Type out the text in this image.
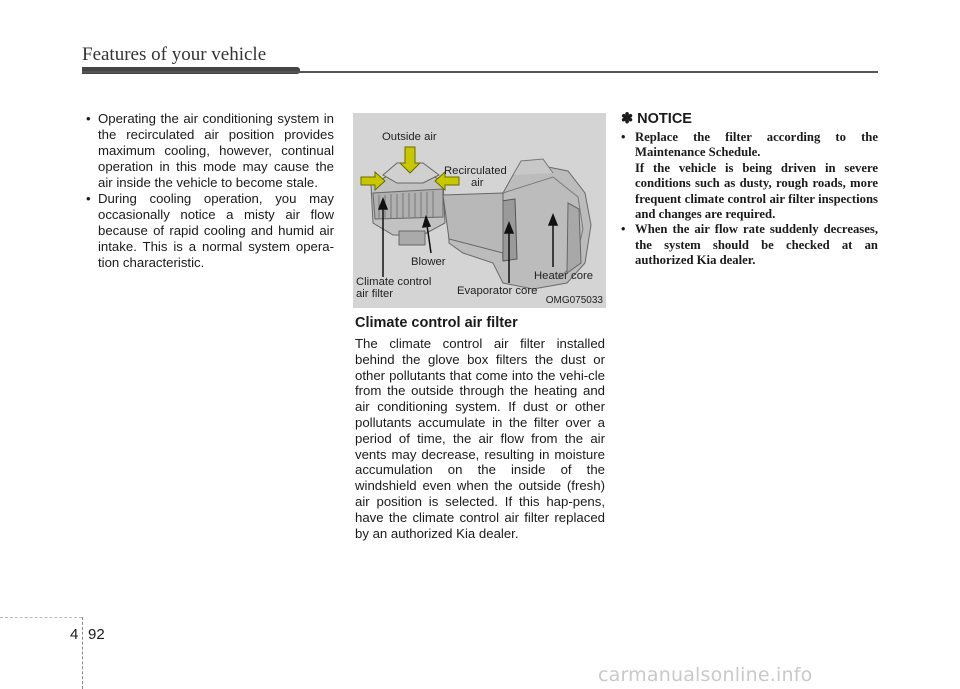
Features of your vehicle
• Operating the air conditioning system in the recirculated air position provides maximum cooling, however, continual operation in this mode may cause the air inside the vehicle to become stale.
• During cooling operation, you may occasionally notice a misty air flow because of rapid cooling and humid air intake. This is a normal system opera-tion characteristic.
Outside air
Recirculated
air
Blower
Heater core
Climate control
air filter	Evaporator core
OMG075033
Climate control air filter
The climate control air filter installed behind the glove box filters the dust or other pollutants that come into the vehi-cle from the outside through the heating and air conditioning system. If dust or other pollutants accumulate in the filter over a period of time, the air flow from the air vents may decrease, resulting in moisture accumulation on the inside of the windshield even when the outside (fresh) air position is selected. If this hap-pens, have the climate control air filter replaced by an authorized Kia dealer.
✽ NOTICE
• Replace the filter according to the Maintenance Schedule.
If the vehicle is being driven in severe conditions such as dusty, rough roads, more frequent climate control air filter inspections and changes are required.
• When the air flow rate suddenly decreases, the system should be checked at an authorized Kia dealer.
4 92
carmanualsonline.info
